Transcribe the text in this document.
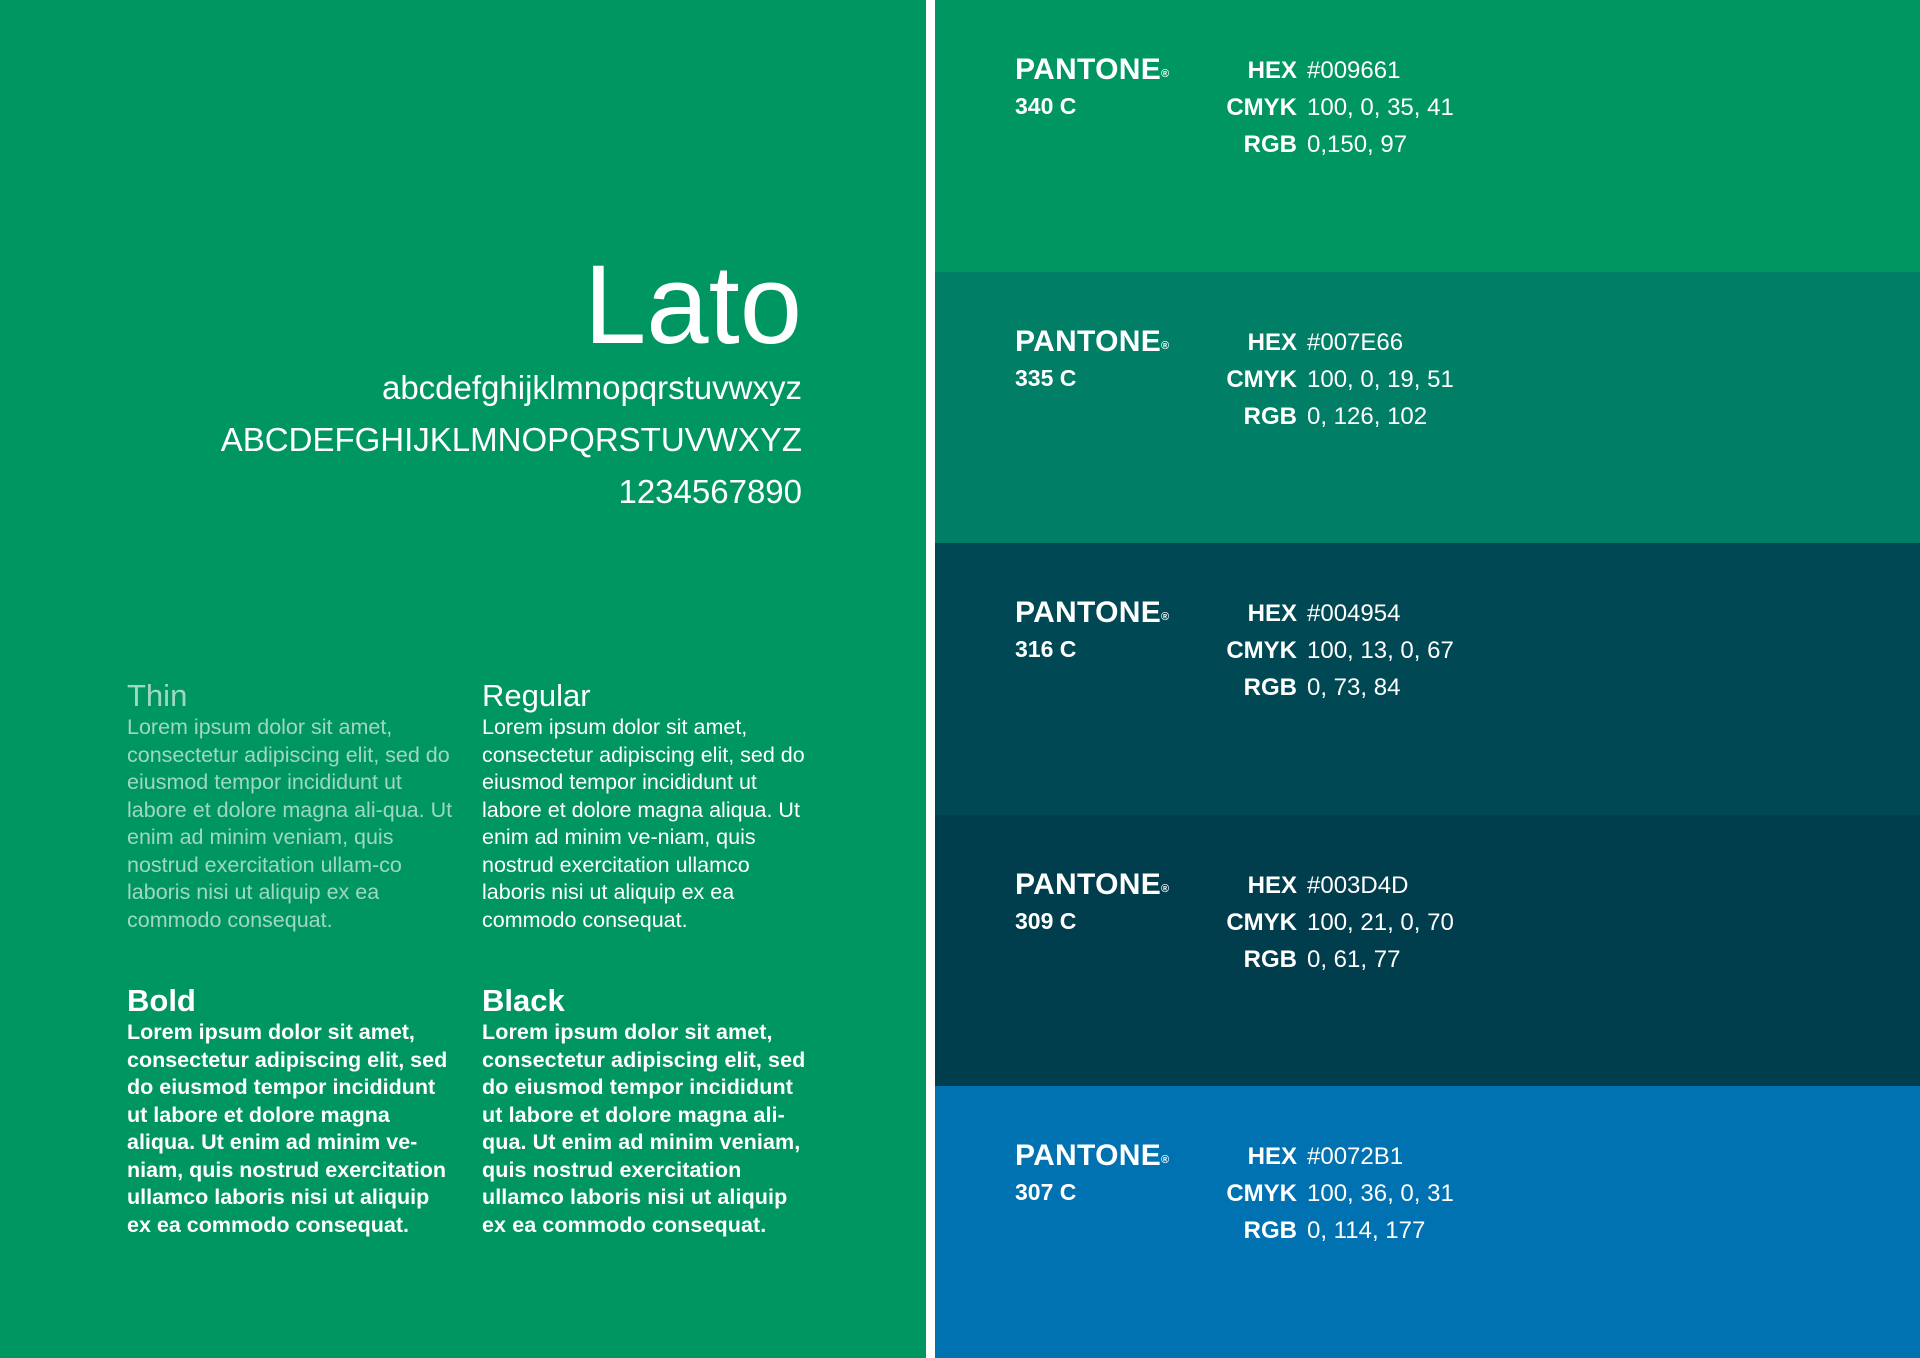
Lato
abcdefghijklmnopqrstuvwxyz
ABCDEFGHIJKLMNOPQRSTUVWXYZ
1234567890
Thin

Lorem ipsum dolor sit amet, consectetur adipiscing elit, sed do eiusmod tempor incididunt ut labore et dolore magna ali-qua. Ut enim ad minim veniam, quis nostrud exercitation ullam-co laboris nisi ut aliquip ex ea commodo consequat.

Regular

Lorem ipsum dolor sit amet, consectetur adipiscing elit, sed do eiusmod tempor incididunt ut labore et dolore magna aliqua. Ut enim ad minim ve-niam, quis nostrud exercitation ullamco laboris nisi ut aliquip ex ea commodo consequat.

Bold

Lorem ipsum dolor sit amet, consectetur adipiscing elit, sed do eiusmod tempor incididunt ut labore et dolore magna aliqua. Ut enim ad minim ve-niam, quis nostrud exercitation ullamco laboris nisi ut aliquip ex ea commodo consequat.

Black

Lorem ipsum dolor sit amet, consectetur adipiscing elit, sed do eiusmod tempor incididunt ut labore et dolore magna ali-qua. Ut enim ad minim veniam, quis nostrud exercitation ullamco laboris nisi ut aliquip ex ea commodo consequat.

PANTONE®
340 C
HEX #009661
CMYK 100, 0, 35, 41
RGB 0,150, 97
PANTONE®
335 C
HEX #007E66
CMYK 100, 0, 19, 51
RGB 0, 126, 102
PANTONE®
316 C
HEX #004954
CMYK 100, 13, 0, 67
RGB 0, 73, 84
PANTONE®
309 C
HEX #003D4D
CMYK 100, 21, 0, 70
RGB 0, 61, 77
PANTONE®
307 C
HEX #0072B1
CMYK 100, 36, 0, 31
RGB 0, 114, 177
